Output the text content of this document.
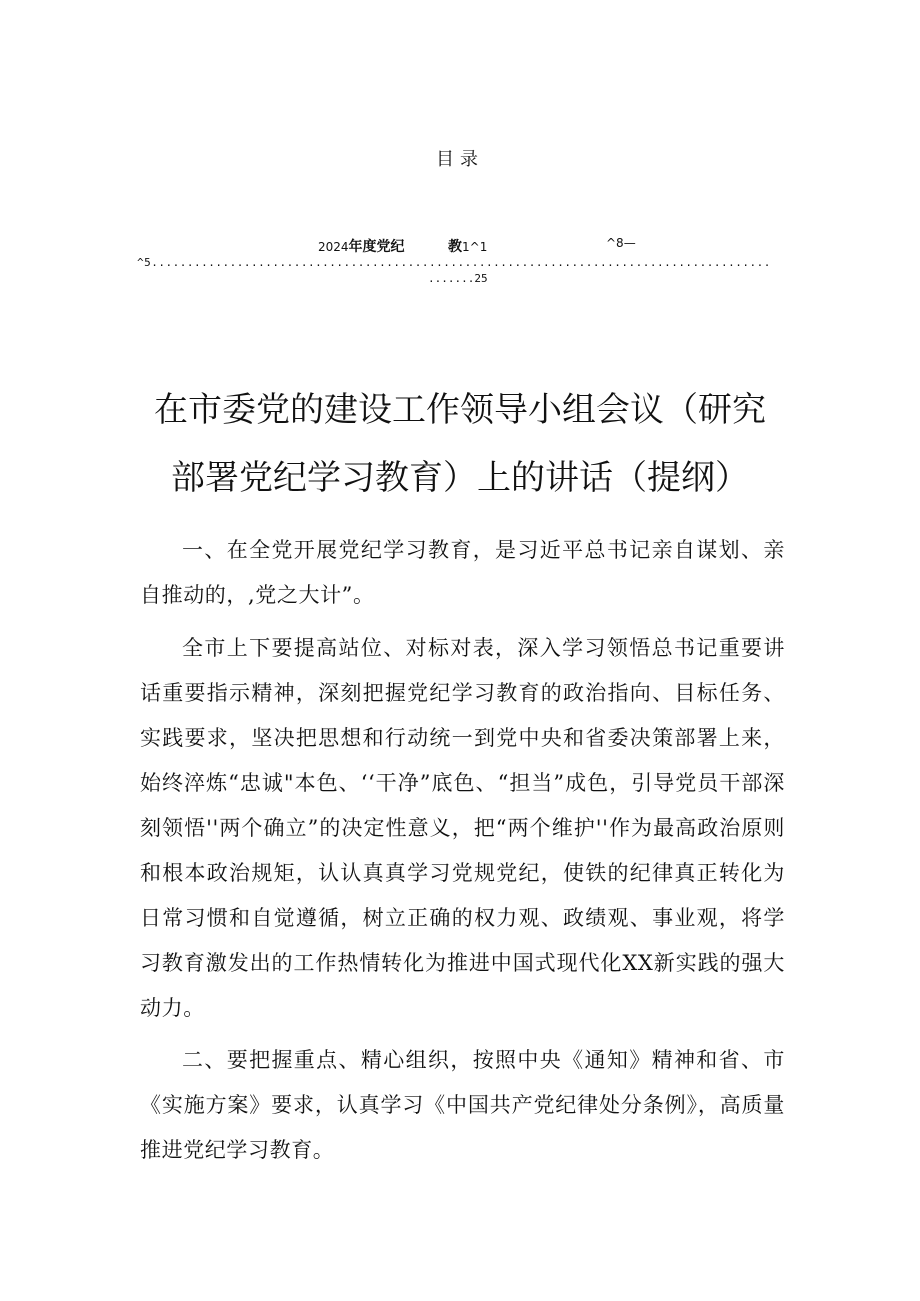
目录
2024年度党纪	教1^1	^8—
^5.......................................................................................
.......25
在市委党的建设工作领导小组会议（研究
部署党纪学习教育）上的讲话（提纲）

一、在全党开展党纪学习教育，是习近平总书记亲自谋划、亲自推动的，,党之大计”。

全市上下要提高站位、对标对表，深入学习领悟总书记重要讲话重要指示精神，深刻把握党纪学习教育的政治指向、目标任务、实践要求，坚决把思想和行动统一到党中央和省委决策部署上来，始终淬炼“忠诚"本色、‘‘干净”底色、“担当”成色，引导党员干部深刻领悟''两个确立”的决定性意义，把“两个维护''作为最高政治原则和根本政治规矩，认认真真学习党规党纪，使铁的纪律真正转化为日常习惯和自觉遵循，树立正确的权力观、政绩观、事业观，将学习教育激发出的工作热情转化为推进中国式现代化XX新实践的强大动力。

二、要把握重点、精心组织，按照中央《通知》精神和省、市《实施方案》要求，认真学习《中国共产党纪律处分条例》，高质量推进党纪学习教育。
